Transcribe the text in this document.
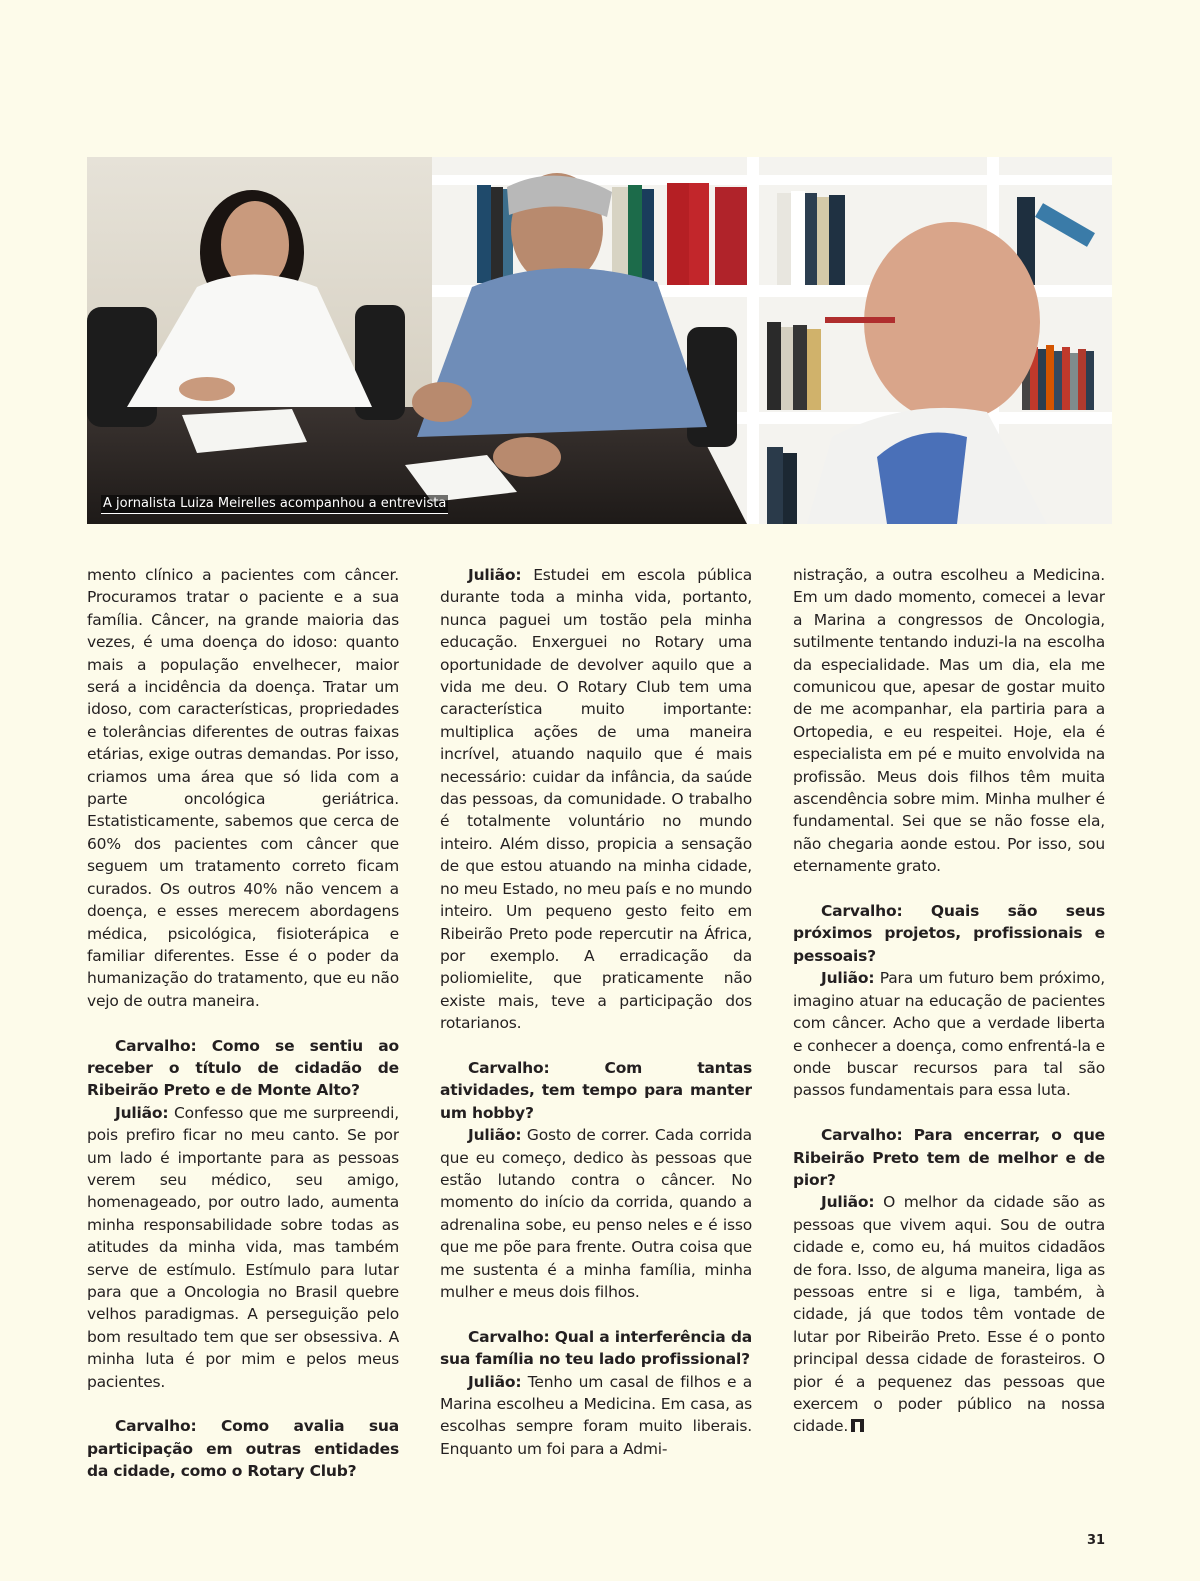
A jornalista Luiza Meirelles acompanhou a entrevista

mento clínico a pacientes com câncer. Procuramos tratar o paciente e a sua família. Câncer, na grande maioria das vezes, é uma doença do idoso: quanto mais a população envelhecer, maior será a incidência da doença. Tratar um idoso, com características, propriedades e tolerâncias diferentes de outras faixas etárias, exige outras demandas. Por isso, criamos uma área que só lida com a parte oncológica geriátrica. Estatisticamente, sabemos que cerca de 60% dos pacientes com câncer que seguem um tratamento correto ficam curados. Os outros 40% não vencem a doença, e esses merecem abordagens médica, psicológica, fisioterápica e familiar diferentes. Esse é o poder da humanização do tratamento, que eu não vejo de outra maneira.

Carvalho: Como se sentiu ao receber o título de cidadão de Ribeirão Preto e de Monte Alto?

Julião: Confesso que me surpreendi, pois prefiro ficar no meu canto. Se por um lado é importante para as pessoas verem seu médico, seu amigo, homenageado, por outro lado, aumenta minha responsabilidade sobre todas as atitudes da minha vida, mas também serve de estímulo. Estímulo para lutar para que a Oncologia no Brasil quebre velhos paradigmas. A perseguição pelo bom resultado tem que ser obsessiva. A minha luta é por mim e pelos meus pacientes.

Carvalho: Como avalia sua participação em outras entidades da cidade, como o Rotary Club?

Julião: Estudei em escola pública durante toda a minha vida, portanto, nunca paguei um tostão pela minha educação. Enxerguei no Rotary uma oportunidade de devolver aquilo que a vida me deu. O Rotary Club tem uma característica muito importante: multiplica ações de uma maneira incrível, atuando naquilo que é mais necessário: cuidar da infância, da saúde das pessoas, da comunidade. O trabalho é totalmente voluntário no mundo inteiro. Além disso, propicia a sensação de que estou atuando na minha cidade, no meu Estado, no meu país e no mundo inteiro. Um pequeno gesto feito em Ribeirão Preto pode repercutir na África, por exemplo. A erradicação da poliomielite, que praticamente não existe mais, teve a participação dos rotarianos.

Carvalho: Com tantas atividades, tem tempo para manter um hobby?

Julião: Gosto de correr. Cada corrida que eu começo, dedico às pessoas que estão lutando contra o câncer. No momento do início da corrida, quando a adrenalina sobe, eu penso neles e é isso que me põe para frente. Outra coisa que me sustenta é a minha família, minha mulher e meus dois filhos.

Carvalho: Qual a interferência da sua família no teu lado profissional?

Julião: Tenho um casal de filhos e a Marina escolheu a Medicina. Em casa, as escolhas sempre foram muito liberais. Enquanto um foi para a Admi-

nistração, a outra escolheu a Medicina. Em um dado momento, comecei a levar a Marina a congressos de Oncologia, sutilmente tentando induzi-la na escolha da especialidade. Mas um dia, ela me comunicou que, apesar de gostar muito de me acompanhar, ela partiria para a Ortopedia, e eu respeitei. Hoje, ela é especialista em pé e muito envolvida na profissão. Meus dois filhos têm muita ascendência sobre mim. Minha mulher é fundamental. Sei que se não fosse ela, não chegaria aonde estou. Por isso, sou eternamente grato.

Carvalho: Quais são seus próximos projetos, profissionais e pessoais?

Julião: Para um futuro bem próximo, imagino atuar na educação de pacientes com câncer. Acho que a verdade liberta e conhecer a doença, como enfrentá-la e onde buscar recursos para tal são passos fundamentais para essa luta.

Carvalho: Para encerrar, o que Ribeirão Preto tem de melhor e de pior?

Julião: O melhor da cidade são as pessoas que vivem aqui. Sou de outra cidade e, como eu, há muitos cidadãos de fora. Isso, de alguma maneira, liga as pessoas entre si e liga, também, à cidade, já que todos têm vontade de lutar por Ribeirão Preto. Esse é o ponto principal dessa cidade de forasteiros. O pior é a pequenez das pessoas que exercem o poder público na nossa cidade.

31
